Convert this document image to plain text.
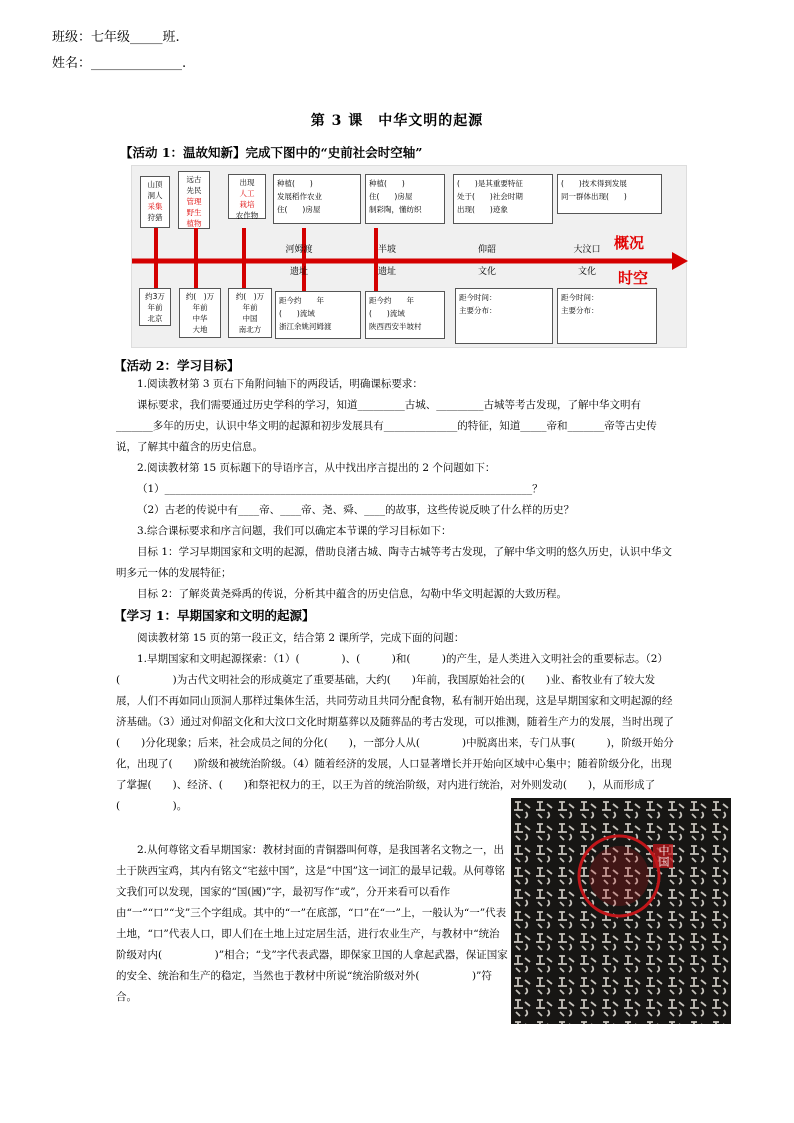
班级：七年级_____班.
姓名：______________.
第 3 课　中华文明的起源
【活动 1：温故知新】完成下图中的“史前社会时空轴”
山顶
洞人
采集
狩猎
远古
先民
管理
野生
植物
出现
人工
栽培
农作物
种植(　　)
发展稻作农业
住(　　)房屋
种植(　　)
住(　　)房屋
制彩陶，懂纺织
(　　)是其重要特征
处于(　　)社会时期
出现(　　)迹象
(　　)技术得到发展
同一群体出现(　　)
河姆渡
遗址
半坡
遗址
仰韶
文化
大汶口
文化
概况
时空
约3万
年前
北京
约(　)万
年前
中华
大地
约(　)万
年前
中国
南北方
距今约　　年
(　　)流域
浙江余姚河姆渡
距今约　　年
(　　)流域
陕西西安半坡村
距今时间：
主要分布：
距今时间：
主要分布：
【活动 2：学习目标】

1.阅读教材第 3 页右下角附问轴下的两段话，明确课标要求：

课标要求，我们需要通过历史学科的学习，知道_________古城、_________古城等考古发现，了解中华文明有_______多年的历史，认识中华文明的起源和初步发展具有______________的特征，知道_____帝和_______帝等古史传说，了解其中蕴含的历史信息。

2.阅读教材第 15 页标题下的导语序言，从中找出序言提出的 2 个问题如下：

（1）______________________________________________________________________？

（2）古老的传说中有____帝、____帝、尧、舜、____的故事，这些传说反映了什么样的历史？

3.综合课标要求和序言问题，我们可以确定本节课的学习目标如下：

目标 1：学习早期国家和文明的起源，借助良渚古城、陶寺古城等考古发现，了解中华文明的悠久历史，认识中华文明多元一体的发展特征；

目标 2：了解炎黄尧舜禹的传说，分析其中蕴含的历史信息，勾勒中华文明起源的大致历程。

【学习 1：早期国家和文明的起源】

阅读教材第 15 页的第一段正文，结合第 2 课所学，完成下面的问题：

1.早期国家和文明起源探索：（1）(　　　　)、(　　　)和(　　　)的产生，是人类进入文明社会的重要标志。（2）(　　　　　)为古代文明社会的形成奠定了重要基础，大约(　　)年前，我国原始社会的(　　)业、畜牧业有了较大发展，人们不再如同山顶洞人那样过集体生活，共同劳动且共同分配食物，私有制开始出现，这是早期国家和文明起源的经济基础。（3）通过对仰韶文化和大汶口文化时期墓葬以及随葬品的考古发现，可以推测，随着生产力的发展，当时出现了(　　)分化现象；后来，社会成员之间的分化(　　)，一部分人从(　　　　)中脱离出来，专门从事(　　　)，阶级开始分化，出现了(　　)阶级和被统治阶级。（4）随着经济的发展，人口显著增长并开始向区域中心集中；随着阶级分化，出现了掌握(　　)、经济、(　　)和祭祀权力的王，以王为首的统治阶级，对内进行统治，对外则发动(　　)，从而形成了(　　　　　)。

2.从何尊铭文看早期国家：教材封面的青铜器叫何尊，是我国著名文物之一，出土于陕西宝鸡，其内有铭文“宅兹中国”，这是“中国”这一词汇的最早记载。从何尊铭文我们可以发现，国家的“国(國)”字，最初写作“或”，分开来看可以看作由“一”“口”“戈”三个字组成。其中的“一”在底部，“口”在“一”上，一般认为“一”代表土地，“口”代表人口，即人们在土地上过定居生活，进行农业生产，与教材中“统治阶级对内(　　　　　)”相合；“戈”字代表武器，即保家卫国的人拿起武器，保证国家的安全、统治和生产的稳定，当然也于教材中所说“统治阶级对外(　　　　　)”符合。

中国
